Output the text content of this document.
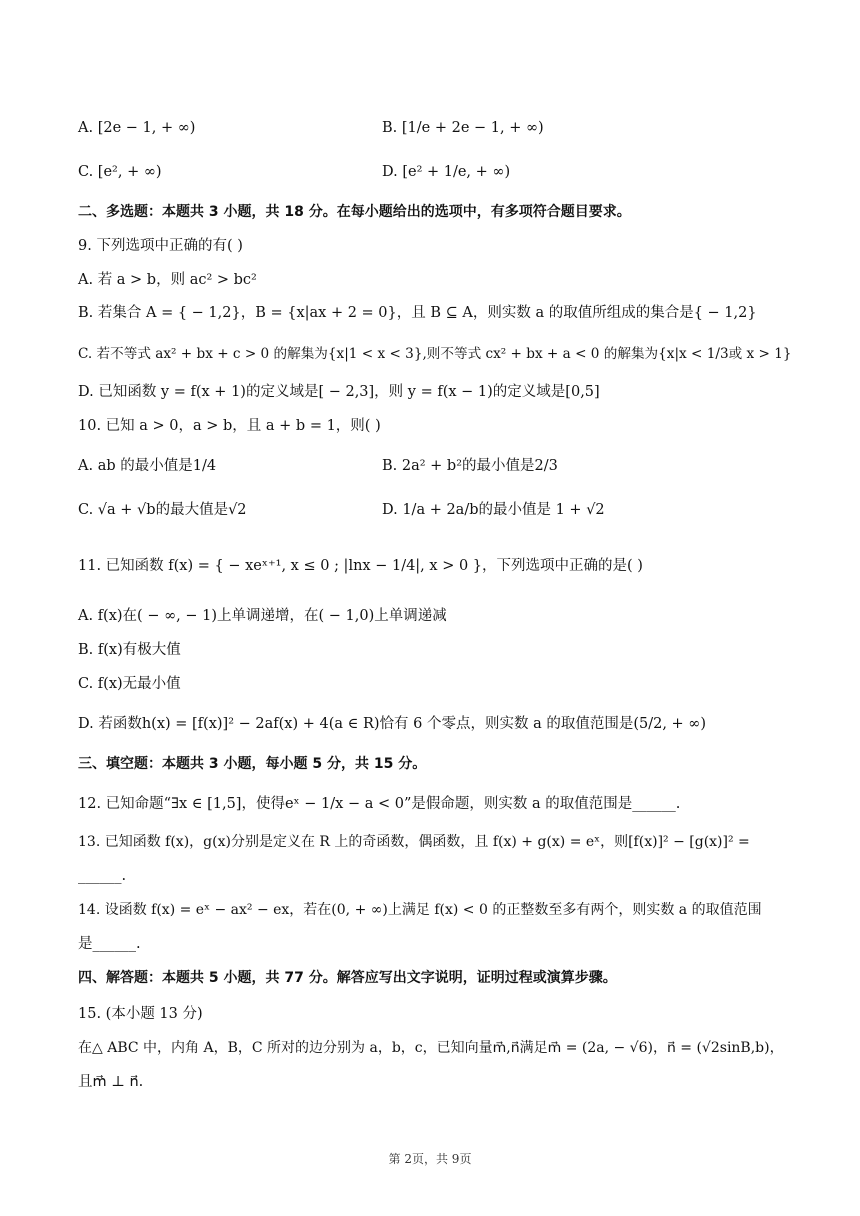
A. [2e − 1, + ∞)	B. [1/e + 2e − 1, + ∞)
C. [e², + ∞)	D. [e² + 1/e, + ∞)
二、多选题：本题共 3 小题，共 18 分。在每小题给出的选项中，有多项符合题目要求。
9. 下列选项中正确的有( )
A. 若 a > b，则 ac² > bc²
B. 若集合 A = { − 1,2}，B = {x|ax + 2 = 0}，且 B ⊆ A，则实数 a 的取值所组成的集合是{ − 1,2}
C. 若不等式 ax² + bx + c > 0 的解集为{x|1 < x < 3},则不等式 cx² + bx + a < 0 的解集为{x|x < 1/3或 x > 1}
D. 已知函数 y = f(x + 1)的定义域是[ − 2,3]，则 y = f(x − 1)的定义域是[0,5]
10. 已知 a > 0，a > b，且 a + b = 1，则( )
A. ab 的最小值是1/4	B. 2a² + b²的最小值是2/3
C. √a + √b的最大值是√2	D. 1/a + 2a/b的最小值是 1 + √2
11. 已知函数 f(x) = { − xeˣ⁺¹, x ≤ 0 ; |lnx − 1/4|, x > 0 }，下列选项中正确的是( )
A. f(x)在( − ∞, − 1)上单调递增，在( − 1,0)上单调递减
B. f(x)有极大值
C. f(x)无最小值
D. 若函数h(x) = [f(x)]² − 2af(x) + 4(a ∈ R)恰有 6 个零点，则实数 a 的取值范围是(5/2, + ∞)
三、填空题：本题共 3 小题，每小题 5 分，共 15 分。
12. 已知命题“∃x ∈ [1,5]，使得eˣ − 1/x − a < 0”是假命题，则实数 a 的取值范围是______.
13. 已知函数 f(x)，g(x)分别是定义在 R 上的奇函数，偶函数，且 f(x) + g(x) = eˣ，则[f(x)]² − [g(x)]² =
______.
14. 设函数 f(x) = eˣ − ax² − ex，若在(0, + ∞)上满足 f(x) < 0 的正整数至多有两个，则实数 a 的取值范围
是______.
四、解答题：本题共 5 小题，共 77 分。解答应写出文字说明，证明过程或演算步骤。
15. (本小题 13 分)
在△ ABC 中，内角 A，B，C 所对的边分别为 a，b，c，已知向量m⃗,n⃗满足m⃗ = (2a, − √6)，n⃗ = (√2sinB,b)，
且m⃗ ⊥ n⃗.
第 2页，共 9页
